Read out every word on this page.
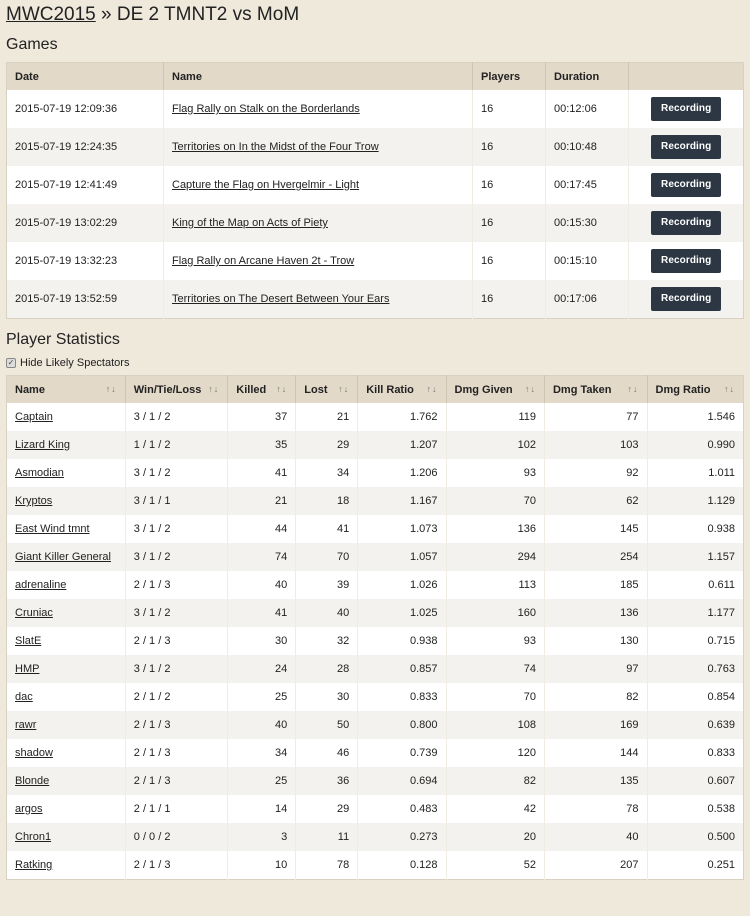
MWC2015 » DE 2 TMNT2 vs MoM
Games
Date	Name	Players	Duration	
2015-07-19 12:09:36	Flag Rally on Stalk on the Borderlands	16	00:12:06	Recording
2015-07-19 12:24:35	Territories on In the Midst of the Four Trow	16	00:10:48	Recording
2015-07-19 12:41:49	Capture the Flag on Hvergelmir - Light	16	00:17:45	Recording
2015-07-19 13:02:29	King of the Map on Acts of Piety	16	00:15:30	Recording
2015-07-19 13:32:23	Flag Rally on Arcane Haven 2t - Trow	16	00:15:10	Recording
2015-07-19 13:52:59	Territories on The Desert Between Your Ears	16	00:17:06	Recording
Player Statistics
✓ Hide Likely Spectators
Name ↑↓	Win/Tie/Loss ↑↓	Killed ↑↓	Lost ↑↓	Kill Ratio ↑↓	Dmg Given ↑↓	Dmg Taken ↑↓	Dmg Ratio ↑↓

Captain	3 / 1 / 2	37	21	1.762	119	77	1.546
Lizard King	1 / 1 / 2	35	29	1.207	102	103	0.990
Asmodian	3 / 1 / 2	41	34	1.206	93	92	1.011
Kryptos	3 / 1 / 1	21	18	1.167	70	62	1.129
East Wind tmnt	3 / 1 / 2	44	41	1.073	136	145	0.938
Giant Killer General	3 / 1 / 2	74	70	1.057	294	254	1.157
adrenaline	2 / 1 / 3	40	39	1.026	113	185	0.611
Cruniac	3 / 1 / 2	41	40	1.025	160	136	1.177
SlatE	2 / 1 / 3	30	32	0.938	93	130	0.715
HMP	3 / 1 / 2	24	28	0.857	74	97	0.763
dac	2 / 1 / 2	25	30	0.833	70	82	0.854
rawr	2 / 1 / 3	40	50	0.800	108	169	0.639
shadow	2 / 1 / 3	34	46	0.739	120	144	0.833
Blonde	2 / 1 / 3	25	36	0.694	82	135	0.607
argos	2 / 1 / 1	14	29	0.483	42	78	0.538
Chron1	0 / 0 / 2	3	11	0.273	20	40	0.500
Ratking	2 / 1 / 3	10	78	0.128	52	207	0.251
